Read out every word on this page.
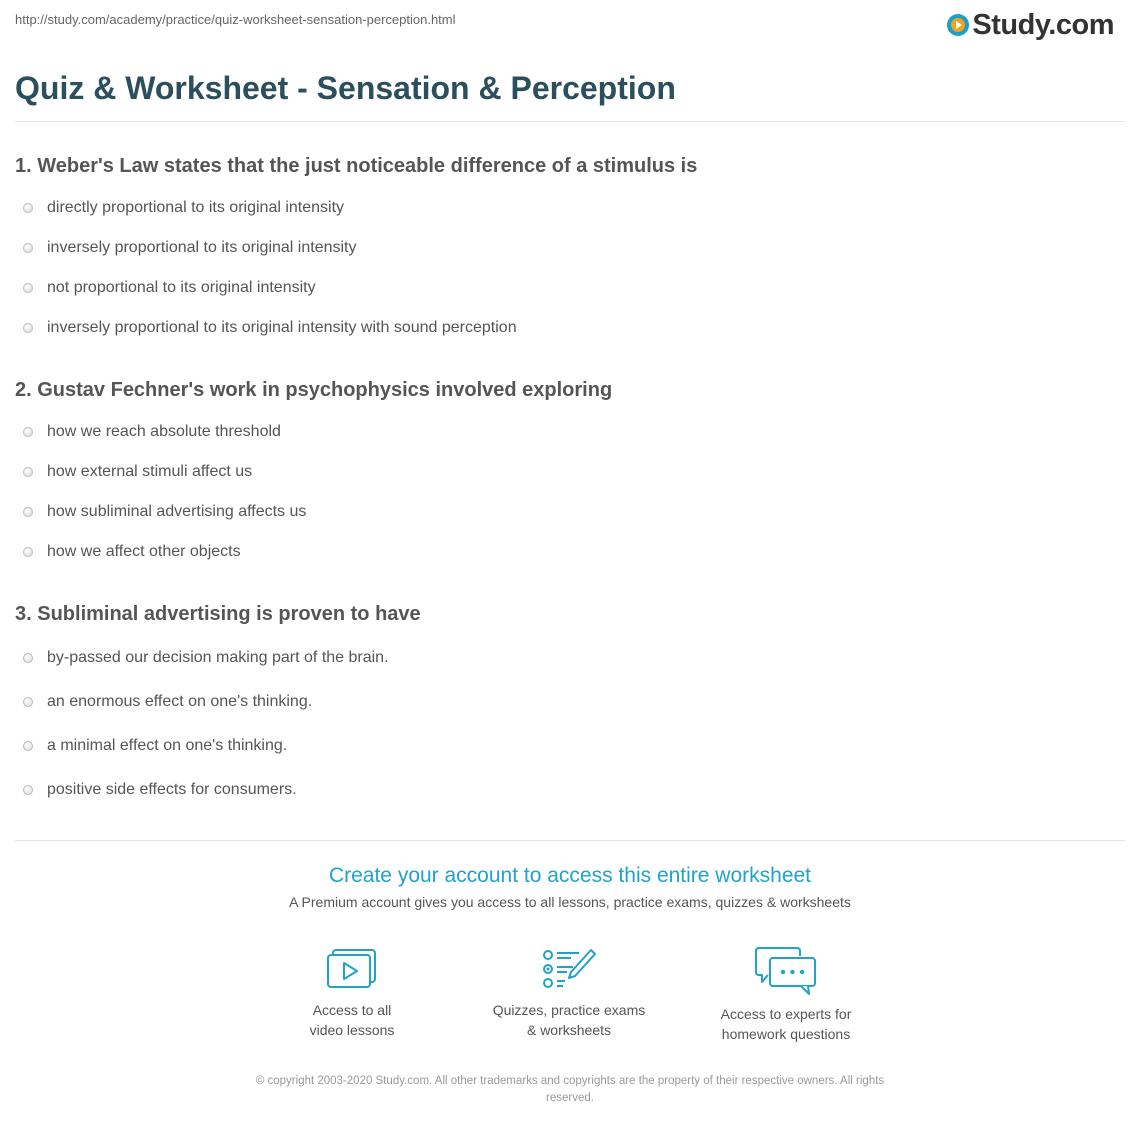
http://study.com/academy/practice/quiz-worksheet-sensation-perception.html	Study.com
Quiz & Worksheet - Sensation & Perception
1. Weber's Law states that the just noticeable difference of a stimulus is
directly proportional to its original intensity
inversely proportional to its original intensity
not proportional to its original intensity
inversely proportional to its original intensity with sound perception
2. Gustav Fechner's work in psychophysics involved exploring
how we reach absolute threshold
how external stimuli affect us
how subliminal advertising affects us
how we affect other objects
3. Subliminal advertising is proven to have
by-passed our decision making part of the brain.
an enormous effect on one's thinking.
a minimal effect on one's thinking.
positive side effects for consumers.
Create your account to access this entire worksheet
A Premium account gives you access to all lessons, practice exams, quizzes & worksheets
Access to all
video lessons
Quizzes, practice exams
& worksheets
Access to experts for
homework questions
© copyright 2003-2020 Study.com. All other trademarks and copyrights are the property of their respective owners. All rights
reserved.
